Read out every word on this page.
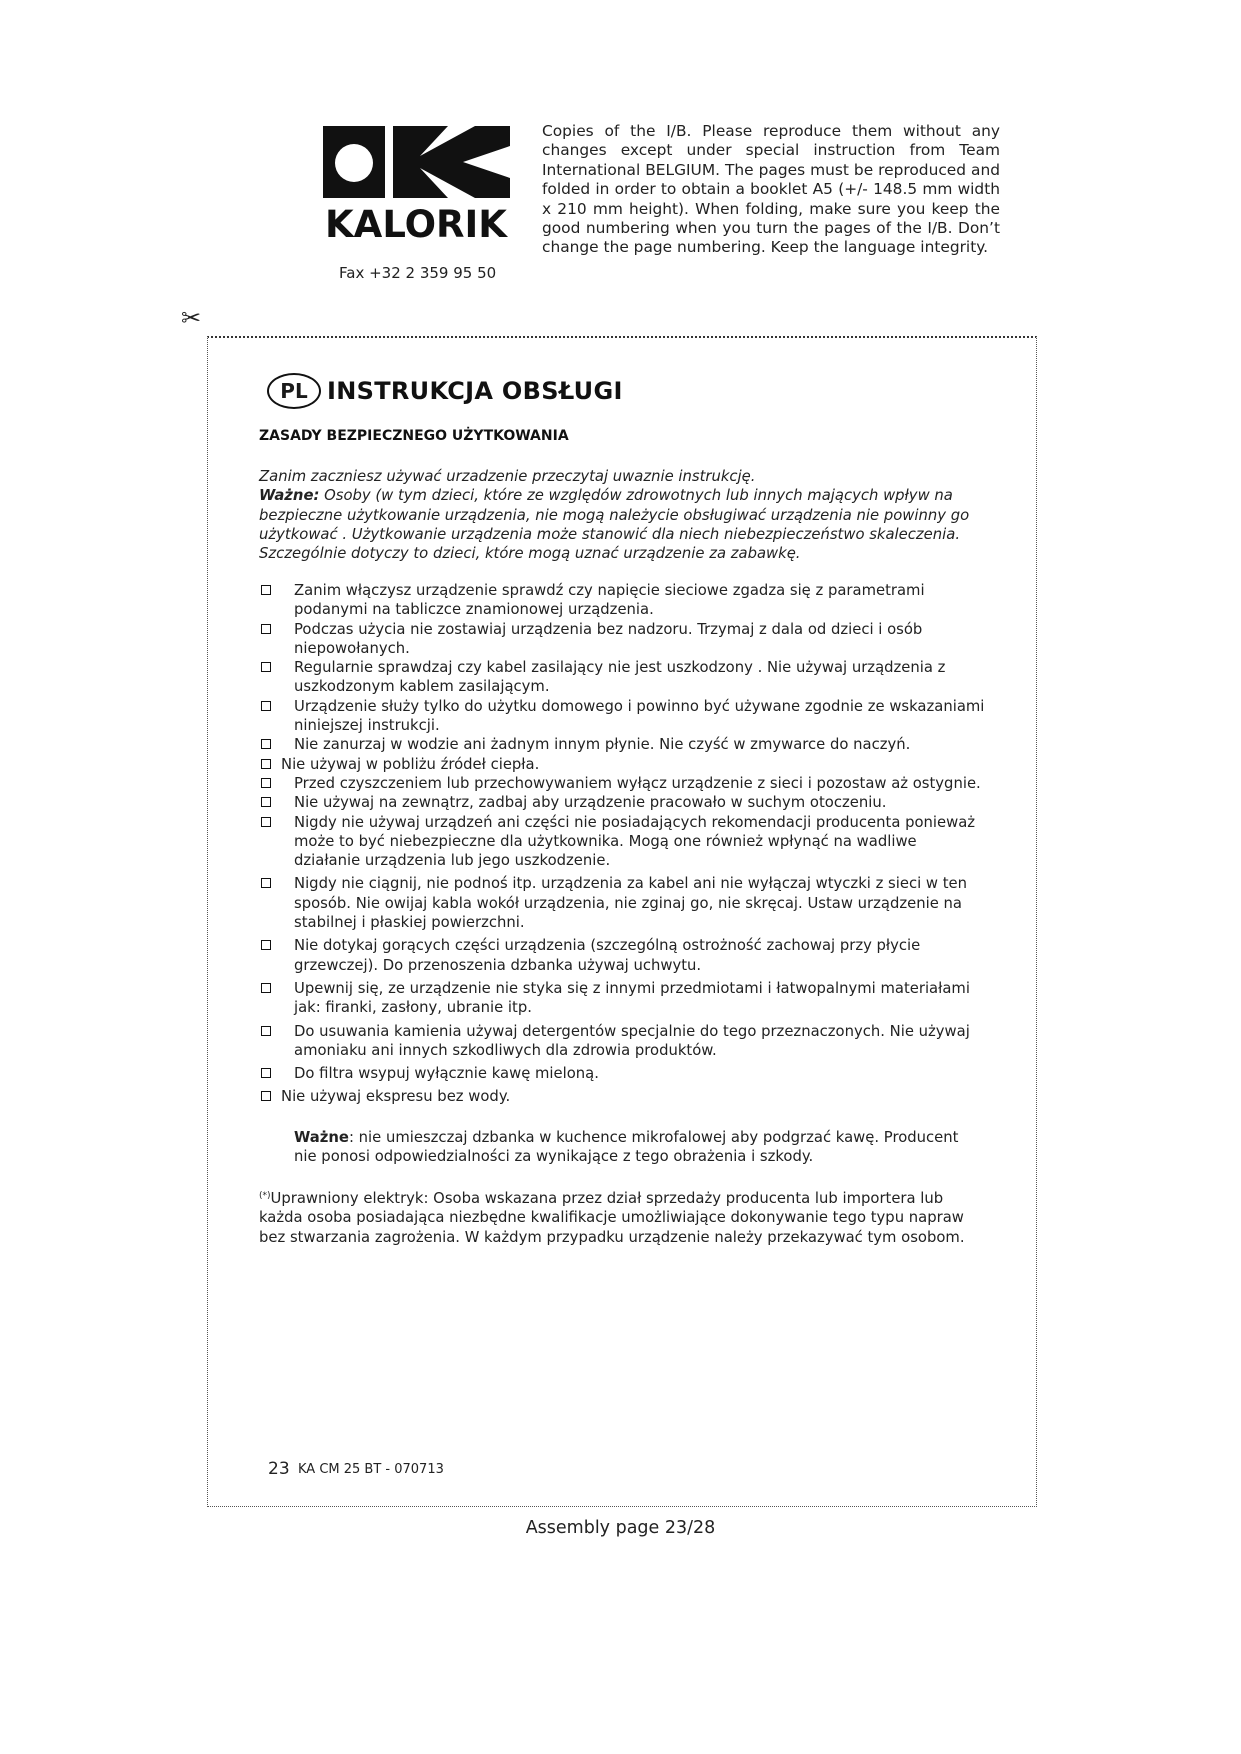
KALORIK
Fax +32 2 359 95 50
Copies of the I/B. Please reproduce them without any changes except under special instruction from Team International BELGIUM. The pages must be reproduced and folded in order to obtain a booklet A5 (+/- 148.5 mm width x 210 mm height). When folding, make sure you keep the good numbering when you turn the pages of the I/B. Don’t change the page numbering. Keep the language integrity.
✂
PL INSTRUKCJA OBSŁUGI
ZASADY BEZPIECZNEGO UŻYTKOWANIA
Zanim zaczniesz używać urzadzenie przeczytaj uwaznie instrukcję.
Ważne: Osoby (w tym dzieci, które ze względów zdrowotnych lub innych mających wpływ na bezpieczne użytkowanie urządzenia, nie mogą należycie obsługiwać urządzenia nie powinny go użytkować . Użytkowanie urządzenia może stanowić dla niech niebezpieczeństwo skaleczenia. Szczególnie dotyczy to dzieci, które mogą uznać urządzenie za zabawkę.

Zanim włączysz urządzenie sprawdź czy napięcie sieciowe zgadza się z parametrami podanymi na tabliczce znamionowej urządzenia.

Podczas użycia nie zostawiaj urządzenia bez nadzoru. Trzymaj z dala od dzieci i osób niepowołanych.

Regularnie sprawdzaj czy kabel zasilający nie jest uszkodzony . Nie używaj urządzenia z uszkodzonym kablem zasilającym.

Urządzenie służy tylko do użytku domowego i powinno być używane zgodnie ze wskazaniami niniejszej instrukcji.

Nie zanurzaj w wodzie ani żadnym innym płynie. Nie czyść w zmywarce do naczyń.

Nie używaj w pobliżu źródeł ciepła.

Przed czyszczeniem lub przechowywaniem wyłącz urządzenie z sieci i pozostaw aż ostygnie.

Nie używaj na zewnątrz, zadbaj aby urządzenie pracowało w suchym otoczeniu.

Nigdy nie używaj urządzeń ani części nie posiadających rekomendacji producenta ponieważ może to być niebezpieczne dla użytkownika. Mogą one również wpłynąć na wadliwe działanie urządzenia lub jego uszkodzenie.

Nigdy nie ciągnij, nie podnoś itp. urządzenia za kabel ani nie wyłączaj wtyczki z sieci w ten sposób. Nie owijaj kabla wokół urządzenia, nie zginaj go, nie skręcaj. Ustaw urządzenie na stabilnej i płaskiej powierzchni.

Nie dotykaj gorących części urządzenia (szczególną ostrożność zachowaj przy płycie grzewczej). Do przenoszenia dzbanka używaj uchwytu.

Upewnij się, ze urządzenie nie styka się z innymi przedmiotami i łatwopalnymi materiałami jak: firanki, zasłony, ubranie itp.

Do usuwania kamienia używaj detergentów specjalnie do tego przeznaczonych. Nie używaj amoniaku ani innych szkodliwych dla zdrowia produktów.

Do filtra wsypuj wyłącznie kawę mieloną.

Nie używaj ekspresu bez wody.

Ważne: nie umieszczaj dzbanka w kuchence mikrofalowej aby podgrzać kawę. Producent nie ponosi odpowiedzialności za wynikające z tego obrażenia i szkody.
(*)Uprawniony elektryk: Osoba wskazana przez dział sprzedaży producenta lub importera lub każda osoba posiadająca niezbędne kwalifikacje umożliwiające dokonywanie tego typu napraw bez stwarzania zagrożenia. W każdym przypadku urządzenie należy przekazywać tym osobom.
23 KA CM 25 BT - 070713
Assembly page 23/28
